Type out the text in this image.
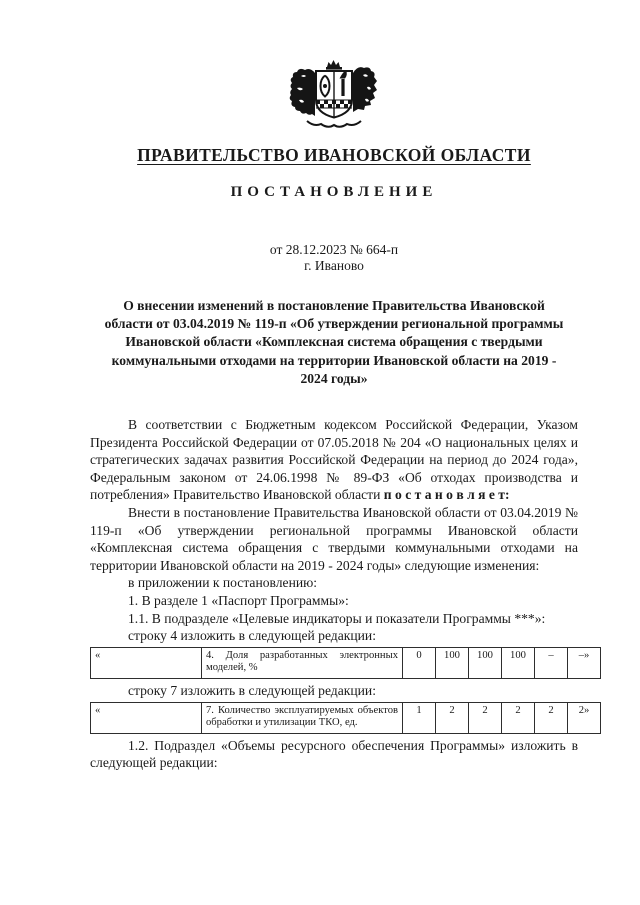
ПРАВИТЕЛЬСТВО ИВАНОВСКОЙ ОБЛАСТИ
ПОСТАНОВЛЕНИЕ
от 28.12.2023 № 664-п
г. Иваново
О внесении изменений в постановление Правительства Ивановской области от 03.04.2019 № 119-п «Об утверждении региональной программы Ивановской области «Комплексная система обращения с твердыми коммунальными отходами на территории Ивановской области на 2019 - 2024 годы»

В соответствии с Бюджетным кодексом Российской Федерации, Указом Президента Российской Федерации от 07.05.2018 № 204 «О национальных целях и стратегических задачах развития Российской Федерации на период до 2024 года», Федеральным законом от 24.06.1998 № 89-ФЗ «Об отходах производства и потребления» Правительство Ивановской области п о с т а н о в л я е т:

Внести в постановление Правительства Ивановской области от 03.04.2019 № 119-п «Об утверждении региональной программы Ивановской области «Комплексная система обращения с твердыми коммунальными отходами на территории Ивановской области на 2019 - 2024 годы» следующие изменения:

в приложении к постановлению:

1. В разделе 1 «Паспорт Программы»:

1.1. В подразделе «Целевые индикаторы и показатели Программы ***»:

строку 4 изложить в следующей редакции:

«	4. Доля разработанных электронных моделей, %	0	100	100	100	–	–»

строку 7 изложить в следующей редакции:

«	7. Количество эксплуатируемых объектов обработки и утилизации ТКО, ед.	1	2	2	2	2	2»

1.2. Подраздел «Объемы ресурсного обеспечения Программы» изложить в следующей редакции:
